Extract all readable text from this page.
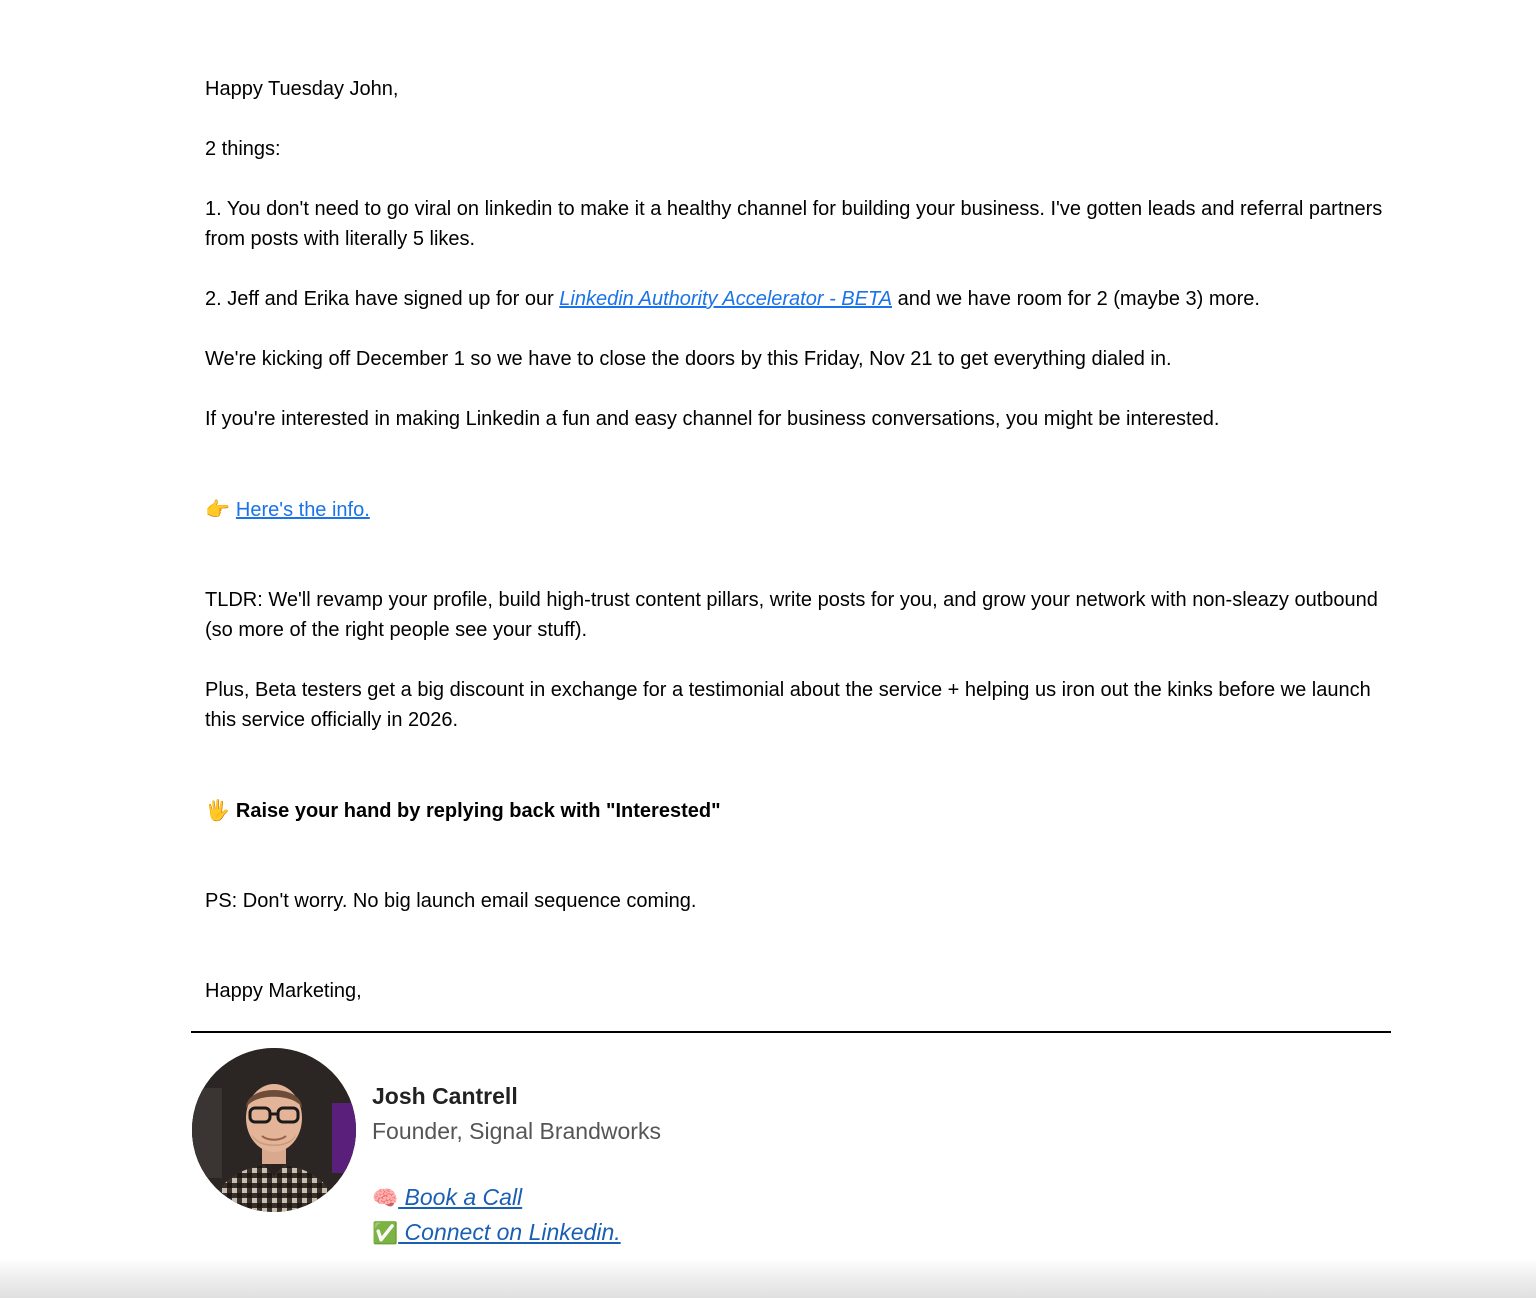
Happy Tuesday John,

2 things:

1. You don't need to go viral on linkedin to make it a healthy channel for building your business. I've gotten leads and referral partners from posts with literally 5 likes.

2. Jeff and Erika have signed up for our Linkedin Authority Accelerator - BETA and we have room for 2 (maybe 3) more.

We're kicking off December 1 so we have to close the doors by this Friday, Nov 21 to get everything dialed in.

If you're interested in making Linkedin a fun and easy channel for business conversations, you might be interested.

👉 Here's the info.

TLDR: We'll revamp your profile, build high-trust content pillars, write posts for you, and grow your network with non-sleazy outbound (so more of the right people see your stuff).

Plus, Beta testers get a big discount in exchange for a testimonial about the service + helping us iron out the kinks before we launch this service officially in 2026.

🖐 Raise your hand by replying back with "Interested"

PS: Don't worry. No big launch email sequence coming.

Happy Marketing,

Josh Cantrell
Founder, Signal Brandworks
🧠 Book a Call
✅ Connect on Linkedin.
